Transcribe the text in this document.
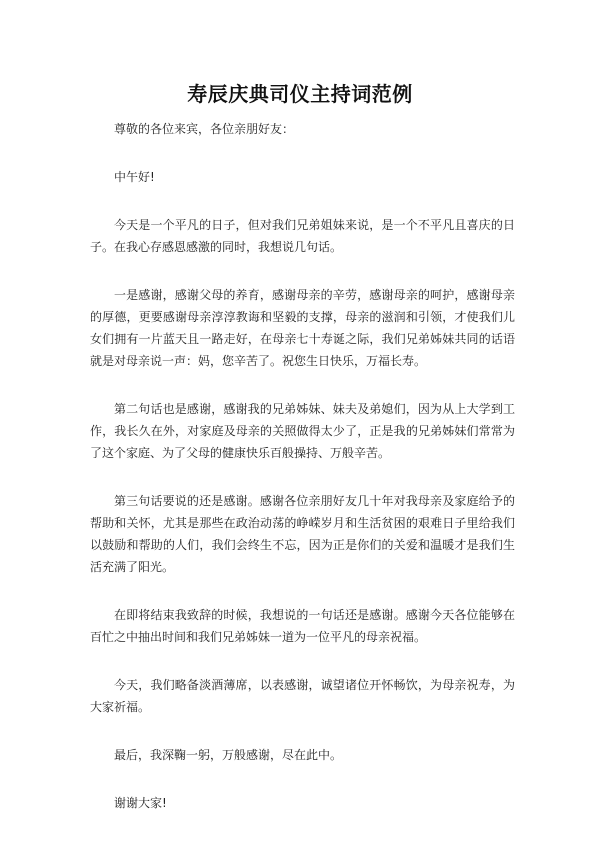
寿辰庆典司仪主持词范例

尊敬的各位来宾，各位亲朋好友：

中午好!

今天是一个平凡的日子，但对我们兄弟姐妹来说，是一个不平凡且喜庆的日子。在我心存感恩感激的同时，我想说几句话。

一是感谢，感谢父母的养育，感谢母亲的辛劳，感谢母亲的呵护，感谢母亲的厚德，更要感谢母亲淳淳教诲和坚毅的支撑，母亲的滋润和引领，才使我们儿女们拥有一片蓝天且一路走好，在母亲七十寿诞之际，我们兄弟姊妹共同的话语就是对母亲说一声：妈，您辛苦了。祝您生日快乐，万福长寿。

第二句话也是感谢，感谢我的兄弟姊妹、妹夫及弟媳们，因为从上大学到工作，我长久在外，对家庭及母亲的关照做得太少了，正是我的兄弟姊妹们常常为了这个家庭、为了父母的健康快乐百般操持、万般辛苦。

第三句话要说的还是感谢。感谢各位亲朋好友几十年对我母亲及家庭给予的帮助和关怀，尤其是那些在政治动荡的峥嵘岁月和生活贫困的艰难日子里给我们以鼓励和帮助的人们，我们会终生不忘，因为正是你们的关爱和温暖才是我们生活充满了阳光。

在即将结束我致辞的时候，我想说的一句话还是感谢。感谢今天各位能够在百忙之中抽出时间和我们兄弟姊妹一道为一位平凡的母亲祝福。

今天，我们略备淡酒薄席，以表感谢，诚望诸位开怀畅饮，为母亲祝寿，为大家祈福。

最后，我深鞠一躬，万般感谢，尽在此中。

谢谢大家!
